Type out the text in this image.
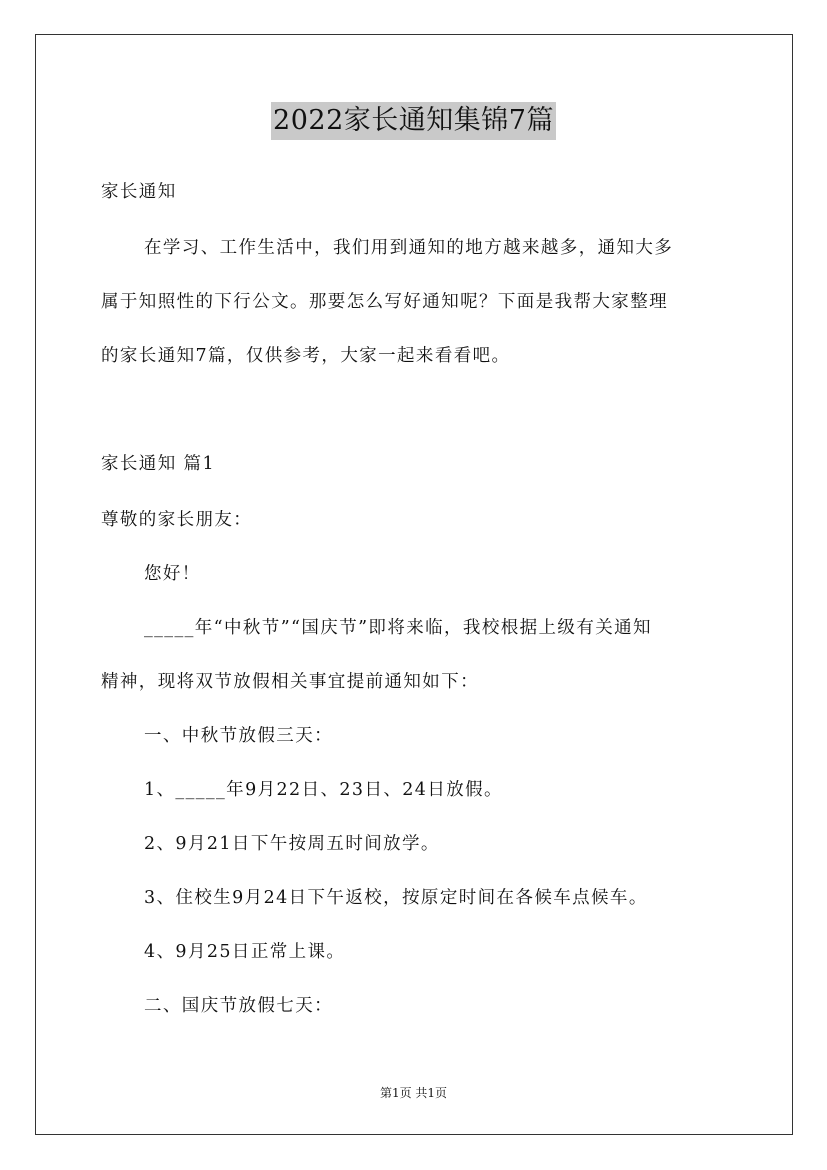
2022家长通知集锦7篇
家长通知
在学习、工作生活中，我们用到通知的地方越来越多，通知大多
属于知照性的下行公文。那要怎么写好通知呢？下面是我帮大家整理
的家长通知7篇，仅供参考，大家一起来看看吧。
家长通知 篇1
尊敬的家长朋友：
您好！
_____年“中秋节”“国庆节”即将来临，我校根据上级有关通知
精神，现将双节放假相关事宜提前通知如下：
一、中秋节放假三天：
1、_____年9月22日、23日、24日放假。
2、9月21日下午按周五时间放学。
3、住校生9月24日下午返校，按原定时间在各候车点候车。
4、9月25日正常上课。
二、国庆节放假七天：
第1页 共1页
